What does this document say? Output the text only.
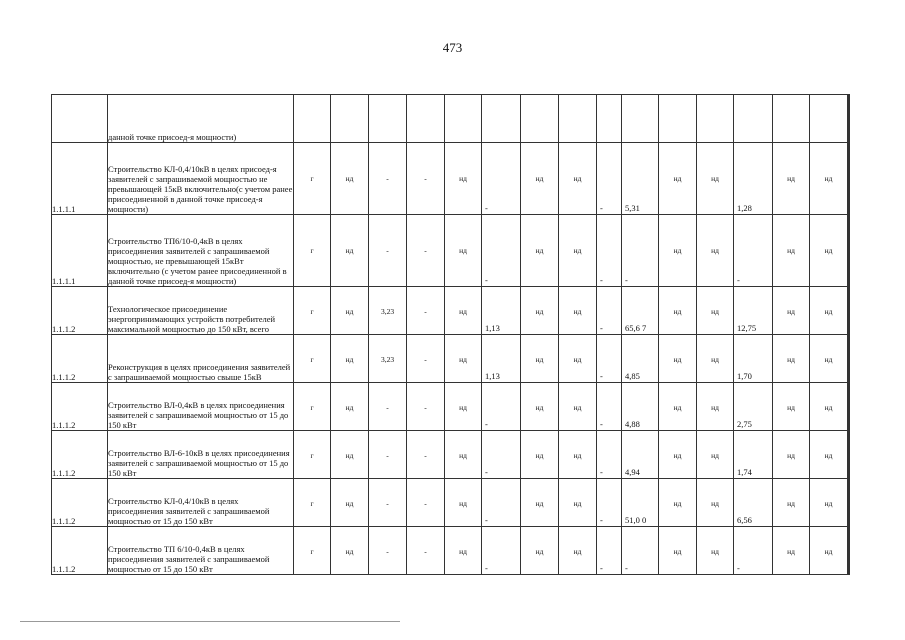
473
	данной точке присоед-я мощности)	

1.1.1.1	Строительство КЛ-0,4/10кВ в целях присоед-я заявителей с запрашиваемой мощностью не превышающей 15кВ включительно(с учетом ранее присоединенной в данной точке присоед-я мощности)	г	нд	-	-	нд	-	нд	нд	-	5,31	нд	нд	1,28	нд	нд	

1.1.1.1	Строительство ТП6/10-0,4кВ в целях присоединения заявителей с запрашиваемой мощностью, не превышающей 15кВт включительно (с учетом ранее присоединенной в данной точке присоед-я мощности)	г	нд	-	-	нд	-	нд	нд	-	-	нд	нд	-	нд	нд	

1.1.1.2	Технологическое присоединение энергопринимающих устройств потребителей максимальной мощностью до 150 кВт, всего	г	нд	3,23	-	нд	1,13	нд	нд	-	65,6 7	нд	нд	12,75	нд	нд	

1.1.1.2	Реконструкция в целях присоединения заявителей с запрашиваемой мощностью свыше 15кВ	г	нд	3,23	-	нд	1,13	нд	нд	-	4,85	нд	нд	1,70	нд	нд	

1.1.1.2	Строительство ВЛ-0,4кВ в целях присоединения заявителей с запрашиваемой мощностью от 15 до 150 кВт	г	нд	-	-	нд	-	нд	нд	-	4,88	нд	нд	2,75	нд	нд	

1.1.1.2	Строительство ВЛ-6-10кВ в целях присоединения заявителей с запрашиваемой мощностью от 15 до 150 кВт	г	нд	-	-	нд	-	нд	нд	-	4,94	нд	нд	1,74	нд	нд	

1.1.1.2	Строительство КЛ-0,4/10кВ в целях присоединения заявителей с запрашиваемой мощностью от 15 до 150 кВт	г	нд	-	-	нд	-	нд	нд	-	51,0 0	нд	нд	6,56	нд	нд	

1.1.1.2	Строительство ТП 6/10-0,4кВ в целях присоединения заявителей с запрашиваемой мощностью от 15 до 150 кВт	г	нд	-	-	нд	-	нд	нд	-	-	нд	нд	-	нд	нд	
